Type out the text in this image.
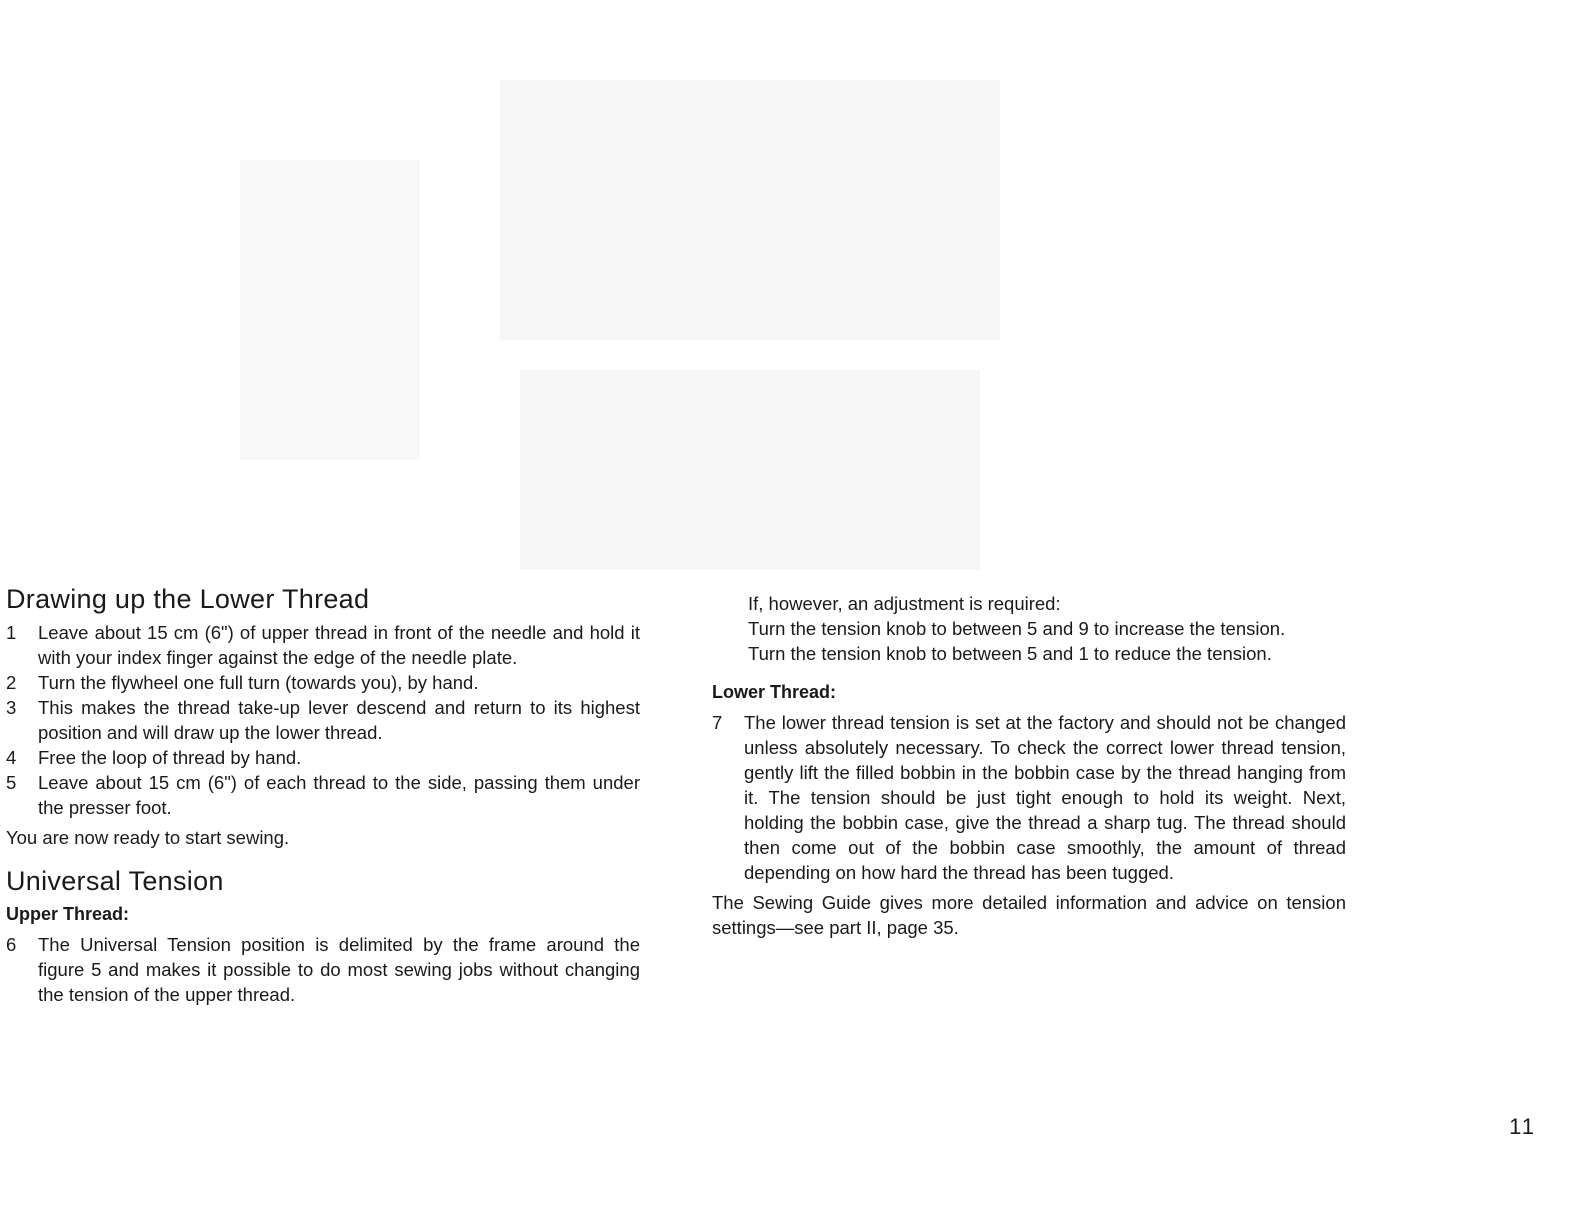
Drawing up the Lower Thread
1	Leave about 15 cm (6") of upper thread in front of the needle and hold it with your index finger against the edge of the needle plate.
2	Turn the flywheel one full turn (towards you), by hand.
3	This makes the thread take-up lever descend and return to its highest position and will draw up the lower thread.
4	Free the loop of thread by hand.
5	Leave about 15 cm (6") of each thread to the side, passing them under the presser foot.

You are now ready to start sewing.

Universal Tension
Upper Thread:
6	The Universal Tension position is delimited by the frame around the figure 5 and makes it possible to do most sewing jobs without changing the tension of the upper thread.

If, however, an adjustment is required:

Turn the tension knob to between 5 and 9 to increase the tension.

Turn the tension knob to between 5 and 1 to reduce the tension.

Lower Thread:
7	The lower thread tension is set at the factory and should not be changed unless absolutely necessary. To check the correct lower thread tension, gently lift the filled bobbin in the bobbin case by the thread hanging from it. The tension should be just tight enough to hold its weight. Next, holding the bobbin case, give the thread a sharp tug. The thread should then come out of the bobbin case smoothly, the amount of thread depending on how hard the thread has been tugged.

The Sewing Guide gives more detailed information and advice on tension settings—see part II, page 35.

11
